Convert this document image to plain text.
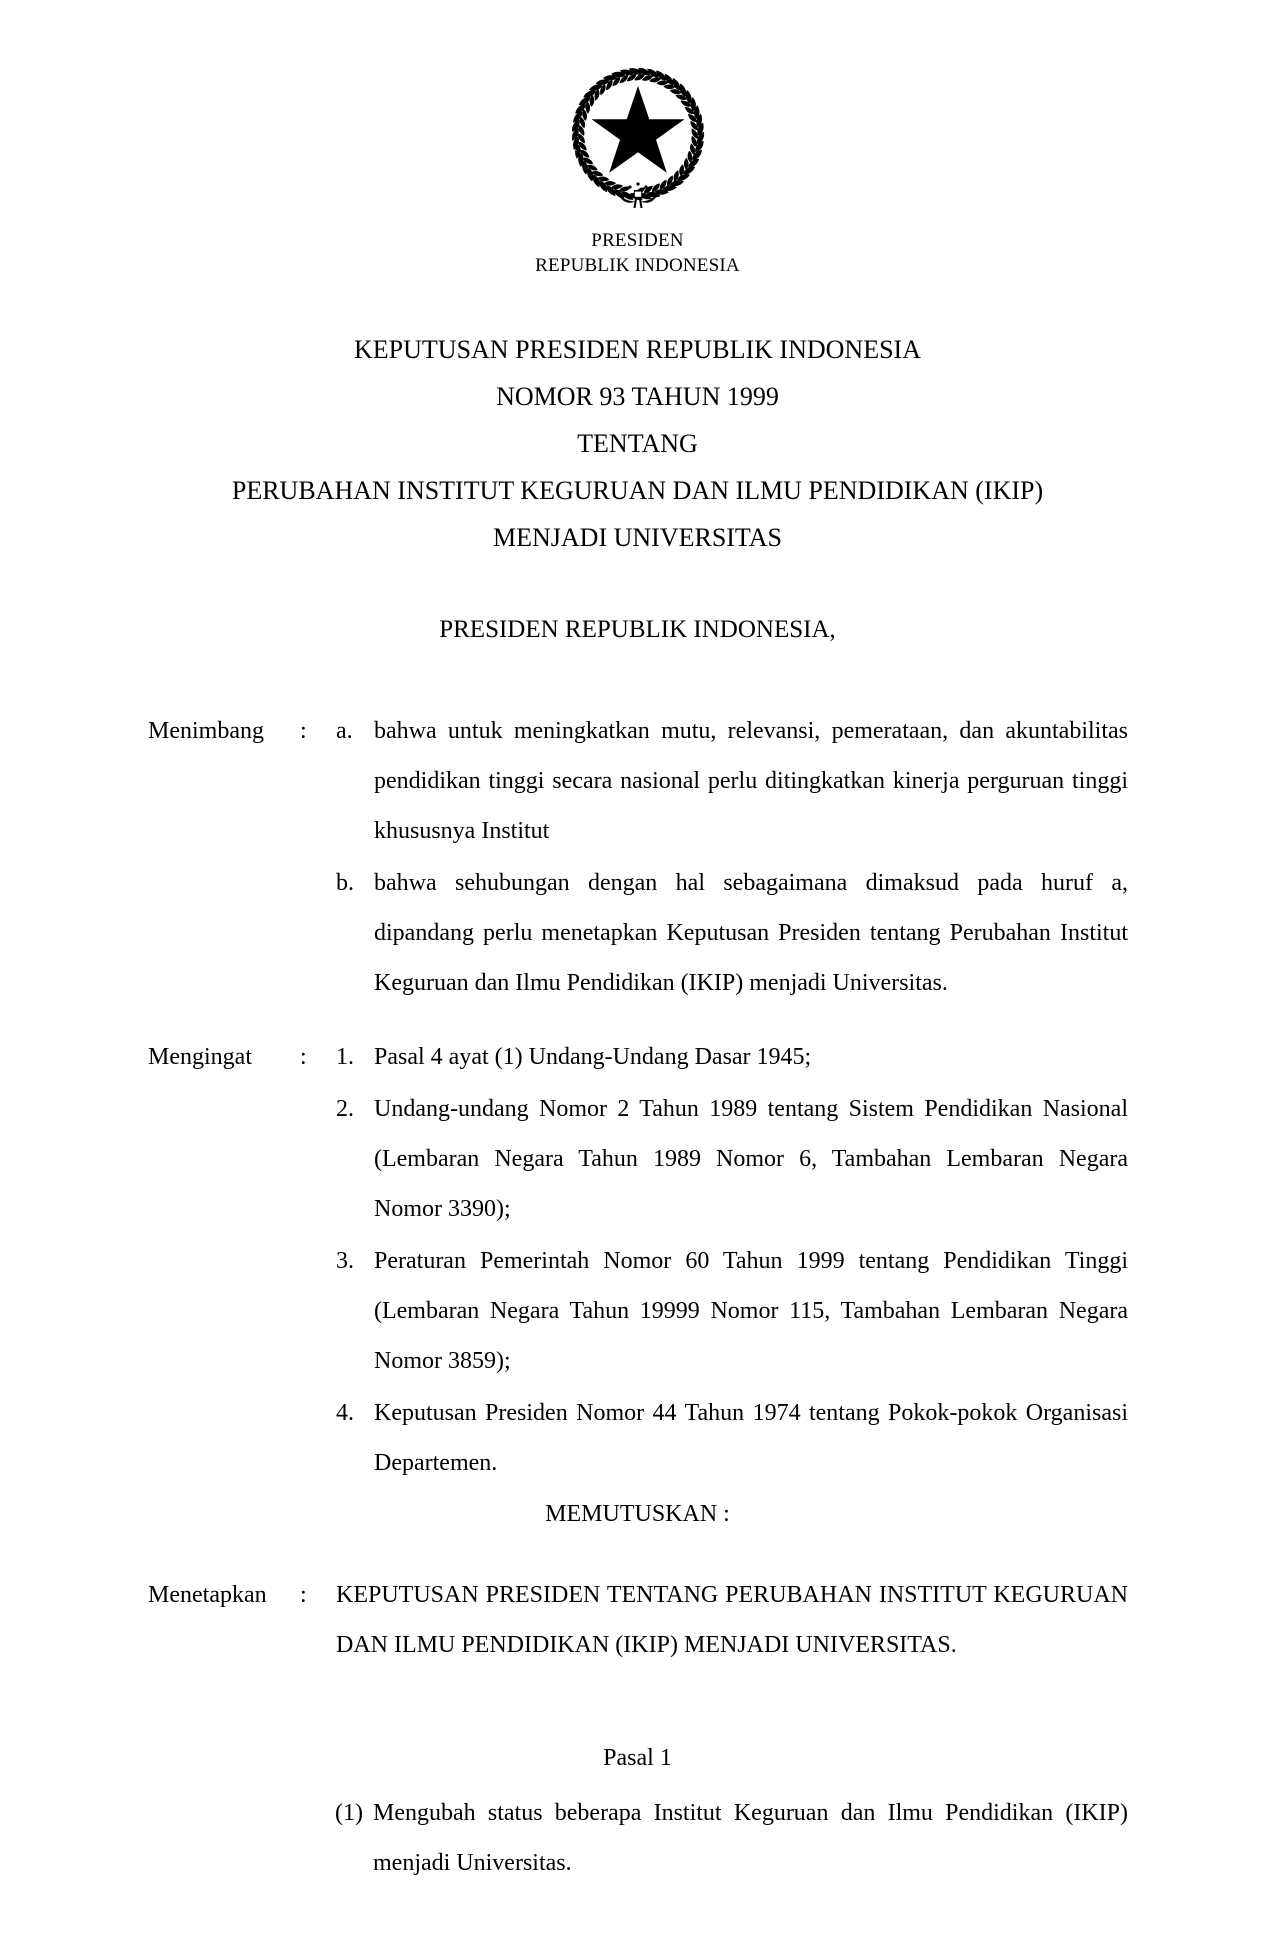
PRESIDEN
REPUBLIK INDONESIA
KEPUTUSAN PRESIDEN REPUBLIK INDONESIA
NOMOR 93 TAHUN 1999
TENTANG
PERUBAHAN INSTITUT KEGURUAN DAN ILMU PENDIDIKAN (IKIP)
MENJADI UNIVERSITAS
PRESIDEN REPUBLIK INDONESIA,
Menimbang	:	a. bahwa untuk meningkatkan mutu, relevansi, pemerataan, dan akuntabilitas pendidikan tinggi secara nasional perlu ditingkatkan kinerja perguruan tinggi khususnya Institut
b. bahwa sehubungan dengan hal sebagaimana dimaksud pada huruf a, dipandang perlu menetapkan Keputusan Presiden tentang Perubahan Institut Keguruan dan Ilmu Pendidikan (IKIP) menjadi Universitas.
Mengingat	:	1. Pasal 4 ayat (1) Undang-Undang Dasar 1945;
2. Undang-undang Nomor 2 Tahun 1989 tentang Sistem Pendidikan Nasional (Lembaran Negara Tahun 1989 Nomor 6, Tambahan Lembaran Negara Nomor 3390);
3. Peraturan Pemerintah Nomor 60 Tahun 1999 tentang Pendidikan Tinggi (Lembaran Negara Tahun 19999 Nomor 115, Tambahan Lembaran Negara Nomor 3859);
4. Keputusan Presiden Nomor 44 Tahun 1974 tentang Pokok-pokok Organisasi Departemen.
MEMUTUSKAN :
Menetapkan	:	KEPUTUSAN PRESIDEN TENTANG PERUBAHAN INSTITUT KEGURUAN DAN ILMU PENDIDIKAN (IKIP) MENJADI UNIVERSITAS.
Pasal 1
(1) Mengubah status beberapa Institut Keguruan dan Ilmu Pendidikan (IKIP) menjadi Universitas.
